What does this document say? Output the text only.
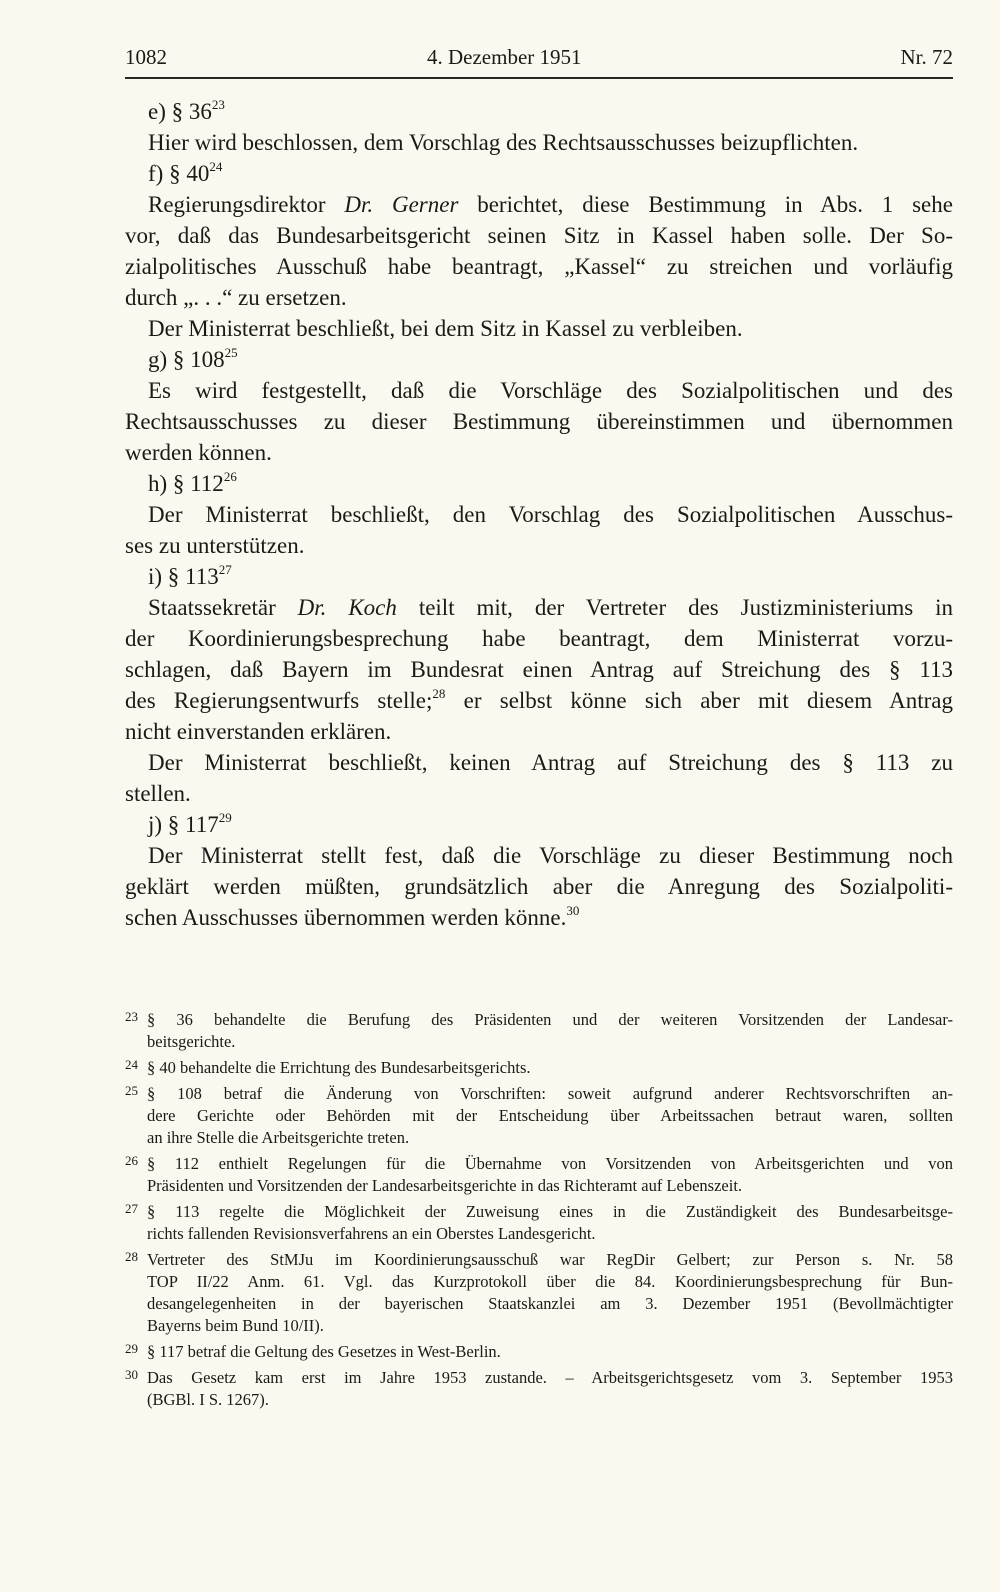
1082	4. Dezember 1951	Nr. 72
e) § $36^{23}$
Hier wird beschlossen, dem Vorschlag des Rechtsausschusses beizupflichten.
f) § $40^{24}$
Regierungsdirektor Dr. Gerner berichtet, diese Bestimmung in Abs. 1 sehe
vor, daß das Bundesarbeitsgericht seinen Sitz in Kassel haben solle. Der So-
zialpolitisches Ausschuß habe beantragt, „Kassel“ zu streichen und vorläufig
durch „. . .“ zu ersetzen.
Der Ministerrat beschließt, bei dem Sitz in Kassel zu verbleiben.
g) § $108^{25}$
Es wird festgestellt, daß die Vorschläge des Sozialpolitischen und des
Rechtsausschusses zu dieser Bestimmung übereinstimmen und übernommen
werden können.
h) § $112^{26}$
Der Ministerrat beschließt, den Vorschlag des Sozialpolitischen Ausschus-
ses zu unterstützen.
i) § $113^{27}$
Staatssekretär Dr. Koch teilt mit, der Vertreter des Justizministeriums in
der Koordinierungsbesprechung habe beantragt, dem Ministerrat vorzu-
schlagen, daß Bayern im Bundesrat einen Antrag auf Streichung des § 113
des Regierungsentwurfs stelle;$^{28}$ er selbst könne sich aber mit diesem Antrag
nicht einverstanden erklären.
Der Ministerrat beschließt, keinen Antrag auf Streichung des § 113 zu
stellen.
j) § $117^{29}$
Der Ministerrat stellt fest, daß die Vorschläge zu dieser Bestimmung noch
geklärt werden müßten, grundsätzlich aber die Anregung des Sozialpoliti-
schen Ausschusses übernommen werden könne.$^{30}$
23 § 36 behandelte die Berufung des Präsidenten und der weiteren Vorsitzenden der Landesar-
beitsgerichte.
24 § 40 behandelte die Errichtung des Bundesarbeitsgerichts.
25 § 108 betraf die Änderung von Vorschriften: soweit aufgrund anderer Rechtsvorschriften an-
dere Gerichte oder Behörden mit der Entscheidung über Arbeitssachen betraut waren, sollten
an ihre Stelle die Arbeitsgerichte treten.
26 § 112 enthielt Regelungen für die Übernahme von Vorsitzenden von Arbeitsgerichten und von
Präsidenten und Vorsitzenden der Landesarbeitsgerichte in das Richteramt auf Lebenszeit.
27 § 113 regelte die Möglichkeit der Zuweisung eines in die Zuständigkeit des Bundesarbeitsge-
richts fallenden Revisionsverfahrens an ein Oberstes Landesgericht.
28 Vertreter des StMJu im Koordinierungsausschuß war RegDir Gelbert; zur Person s. Nr. 58
TOP II/22 Anm. 61. Vgl. das Kurzprotokoll über die 84. Koordinierungsbesprechung für Bun-
desangelegenheiten in der bayerischen Staatskanzlei am 3. Dezember 1951 (Bevollmächtigter
Bayerns beim Bund 10/II).
29 § 117 betraf die Geltung des Gesetzes in West-Berlin.
30 Das Gesetz kam erst im Jahre 1953 zustande. – Arbeitsgerichtsgesetz vom 3. September 1953
(BGBl. I S. 1267).
